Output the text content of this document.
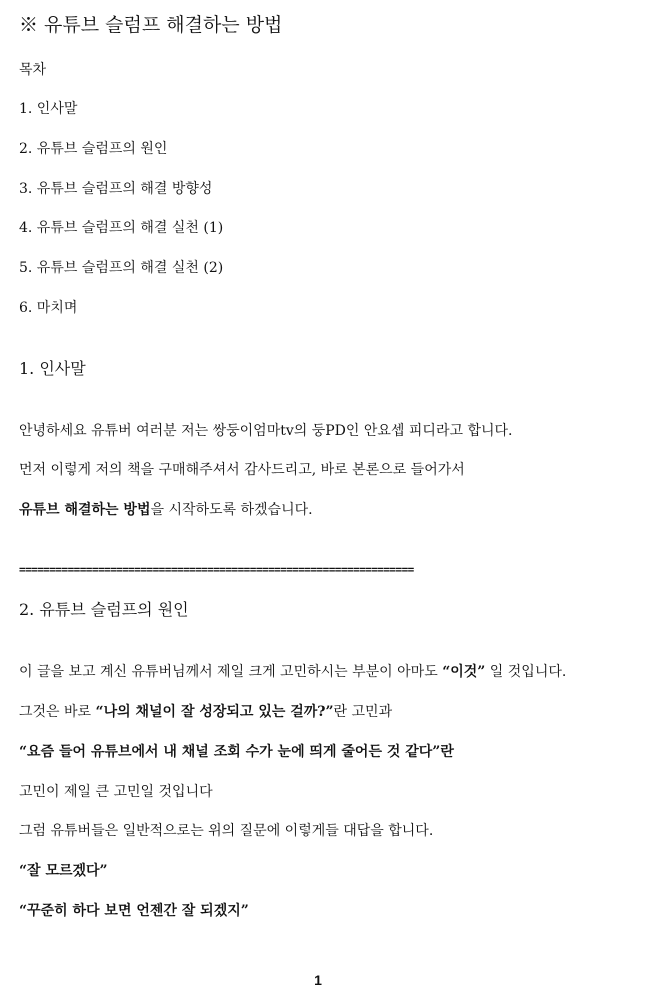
※ 유튜브 슬럼프 해결하는 방법
목차
1. 인사말
2. 유튜브 슬럼프의 원인
3. 유튜브 슬럼프의 해결 방향성
4. 유튜브 슬럼프의 해결 실천 (1)
5. 유튜브 슬럼프의 해결 실천 (2)
6. 마치며
1. 인사말
안녕하세요 유튜버 여러분 저는 쌍둥이엄마tv의 둥PD인 안요셉 피디라고 합니다.
먼저 이렇게 저의 책을 구매해주셔서 감사드리고, 바로 본론으로 들어가서
유튜브 해결하는 방법을 시작하도록 하겠습니다.
=================================================================
2. 유튜브 슬럼프의 원인
이 글을 보고 계신 유튜버님께서 제일 크게 고민하시는 부분이 아마도 “이것” 일 것입니다.
그것은 바로 “나의 채널이 잘 성장되고 있는 걸까?”란 고민과
“요즘 들어 유튜브에서 내 채널 조회 수가 눈에 띄게 줄어든 것 같다”란
고민이 제일 큰 고민일 것입니다
그럼 유튜버들은 일반적으로는 위의 질문에 이렇게들 대답을 합니다.
“잘 모르겠다”
“꾸준히 하다 보면 언젠간 잘 되겠지”
1
